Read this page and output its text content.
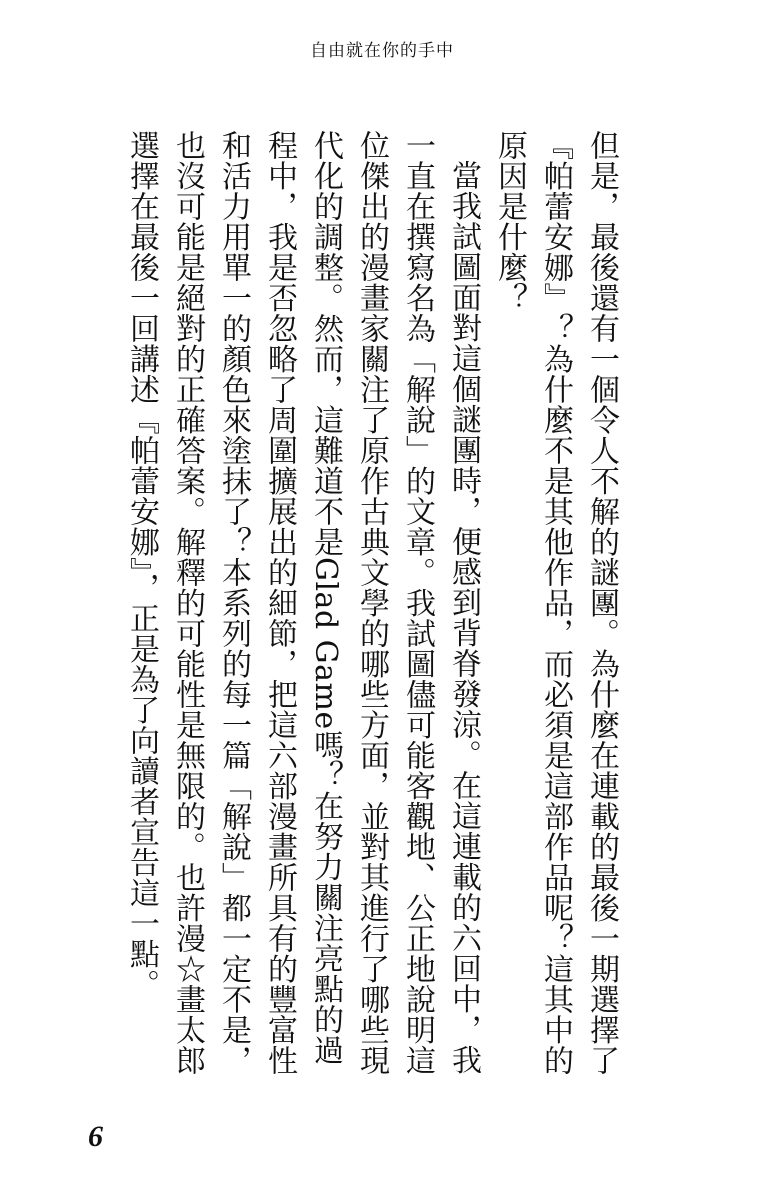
自由就在你的手中

但是，最後還有一個令人不解的謎團。為什麼在連載的最後一期選擇了『帕蕾安娜』？為什麼不是其他作品，而必須是這部作品呢？這其中的原因是什麼？

當我試圖面對這個謎團時，便感到背脊發涼。在這連載的六回中，我一直在撰寫名為「解說」的文章。我試圖儘可能客觀地、公正地說明這位傑出的漫畫家關注了原作古典文學的哪些方面，並對其進行了哪些現代化的調整。然而，這難道不是Glad Game嗎？在努力關注亮點的過程中，我是否忽略了周圍擴展出的細節，把這六部漫畫所具有的豐富性和活力用單一的顏色來塗抹了？本系列的每一篇「解說」都一定不是，也沒可能是絕對的正確答案。解釋的可能性是無限的。也許漫☆畫太郎選擇在最後一回講述『帕蕾安娜』，正是為了向讀者宣告這一點。

6
